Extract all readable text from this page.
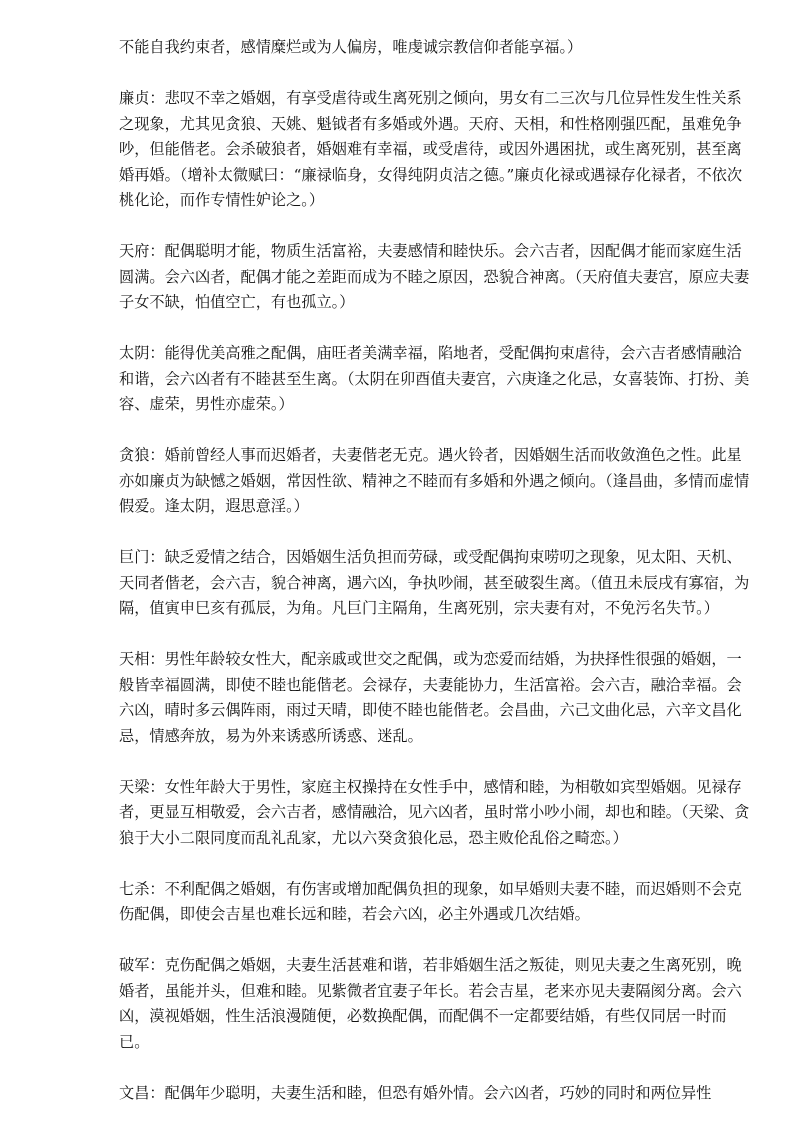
不能自我约束者，感情糜烂或为人偏房，唯虔诚宗教信仰者能享福。）

廉贞：悲叹不幸之婚姻，有享受虐待或生离死别之倾向，男女有二三次与几位异性发生性关系之现象，尤其见贪狼、天姚、魁钺者有多婚或外遇。天府、天相，和性格刚强匹配，虽难免争吵，但能偕老。会杀破狼者，婚姻难有幸福，或受虐待，或因外遇困扰，或生离死别，甚至离婚再婚。（增补太微赋曰：“廉禄临身，女得纯阴贞洁之德。”廉贞化禄或遇禄存化禄者，不依次桃化论，而作专情性妒论之。）

天府：配偶聪明才能，物质生活富裕，夫妻感情和睦快乐。会六吉者，因配偶才能而家庭生活圆满。会六凶者，配偶才能之差距而成为不睦之原因，恐貌合神离。（天府值夫妻宫，原应夫妻子女不缺，怕值空亡，有也孤立。）

太阴：能得优美高雅之配偶，庙旺者美满幸福，陷地者，受配偶拘束虐待，会六吉者感情融洽和谐，会六凶者有不睦甚至生离。（太阴在卯酉值夫妻宫，六庚逢之化忌，女喜装饰、打扮、美容、虚荣，男性亦虚荣。）

贪狼：婚前曾经人事而迟婚者，夫妻偕老无克。遇火铃者，因婚姻生活而收敛渔色之性。此星亦如廉贞为缺憾之婚姻，常因性欲、精神之不睦而有多婚和外遇之倾向。（逢昌曲，多情而虚情假爱。逢太阴，遐思意淫。）

巨门：缺乏爱情之结合，因婚姻生活负担而劳碌，或受配偶拘束唠叨之现象，见太阳、天机、天同者偕老，会六吉，貌合神离，遇六凶，争执吵闹，甚至破裂生离。（值丑未辰戌有寡宿，为隔，值寅申巳亥有孤辰，为角。凡巨门主隔角，生离死别，宗夫妻有对，不免污名失节。）

天相：男性年龄较女性大，配亲戚或世交之配偶，或为恋爱而结婚，为抉择性很强的婚姻，一般皆幸福圆满，即使不睦也能偕老。会禄存，夫妻能协力，生活富裕。会六吉，融洽幸福。会六凶，晴时多云偶阵雨，雨过天晴，即使不睦也能偕老。会昌曲，六己文曲化忌，六辛文昌化忌，情感奔放，易为外来诱惑所诱惑、迷乱。

天梁：女性年龄大于男性，家庭主权操持在女性手中，感情和睦，为相敬如宾型婚姻。见禄存者，更显互相敬爱，会六吉者，感情融洽，见六凶者，虽时常小吵小闹，却也和睦。（天梁、贪狼于大小二限同度而乱礼乱家，尤以六癸贪狼化忌，恐主败伦乱俗之畸恋。）

七杀：不利配偶之婚姻，有伤害或增加配偶负担的现象，如早婚则夫妻不睦，而迟婚则不会克伤配偶，即使会吉星也难长远和睦，若会六凶，必主外遇或几次结婚。

破军：克伤配偶之婚姻，夫妻生活甚难和谐，若非婚姻生活之叛徒，则见夫妻之生离死别，晚婚者，虽能并头，但难和睦。见紫微者宜妻子年长。若会吉星，老来亦见夫妻隔阂分离。会六凶，漠视婚姻，性生活浪漫随便，必数换配偶，而配偶不一定都要结婚，有些仅同居一时而已。

文昌：配偶年少聪明，夫妻生活和睦，但恐有婚外情。会六凶者，巧妙的同时和两位异性
